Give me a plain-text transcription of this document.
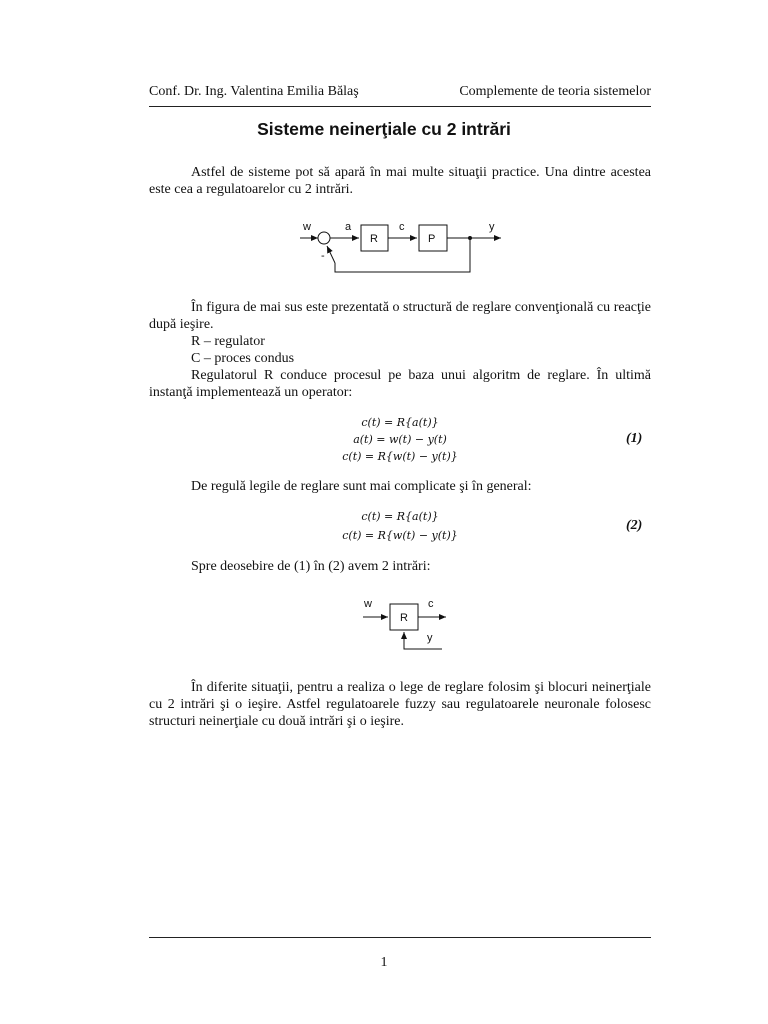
Conf. Dr. Ing. Valentina Emilia Bălaş	Complemente de teoria sistemelor
Sisteme neinerţiale cu 2 intrări
Astfel de sisteme pot să apară în mai multe situaţii practice. Una dintre acestea este cea a regulatoarelor cu 2 intrări.
w	a	c	y
-
R	P
În figura de mai sus este prezentată o structură de reglare convenţională cu reacţie după ieşire.
R – regulator
C – proces condus
Regulatorul R conduce procesul pe baza unui algoritm de reglare. În ultimă instanţă implementează un operator:
c(t) = R{a(t)}
a(t) = w(t) − y(t)
c(t) = R{w(t) − y(t)}
(1)
De regulă legile de reglare sunt mai complicate şi în general:
c(t) = R{a(t)}
c(t) = R{w(t) − y(t)}
(2)
Spre deosebire de (1) în (2) avem 2 intrări:
w	c
y
R
În diferite situaţii, pentru a realiza o lege de reglare folosim şi blocuri neinerţiale cu 2 intrări şi o ieşire. Astfel regulatoarele fuzzy sau regulatoarele neuronale folosesc structuri neinerţiale cu două intrări şi o ieşire.
1
